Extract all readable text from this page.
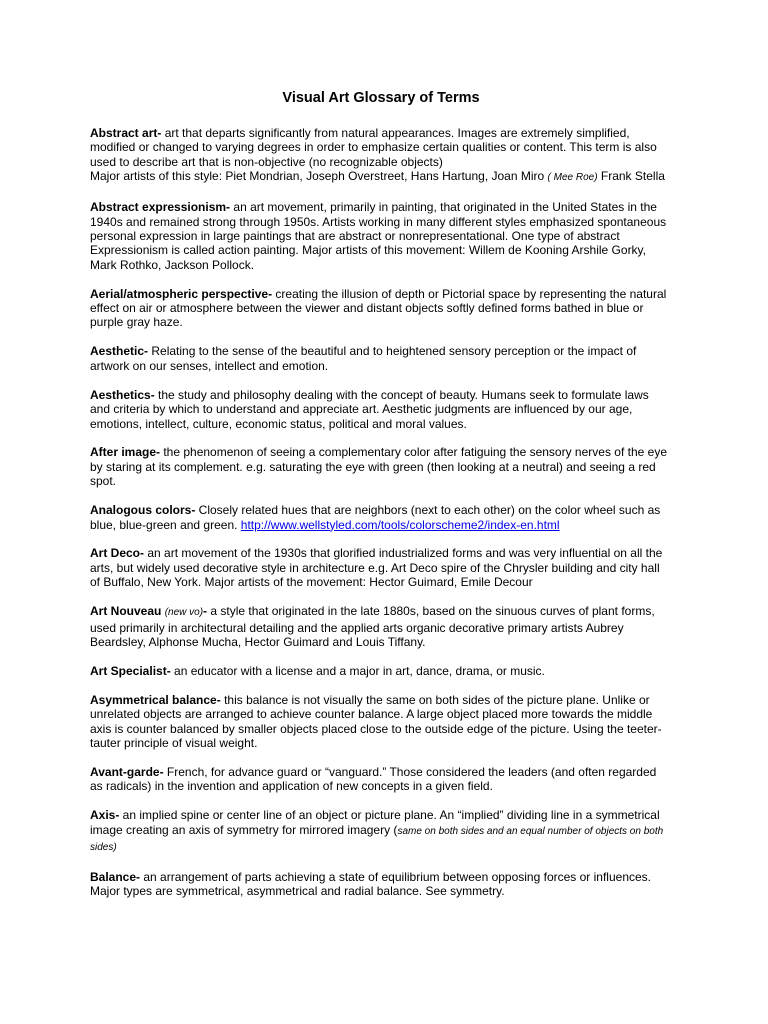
Visual Art Glossary of Terms

Abstract art- art that departs significantly from natural appearances. Images are extremely simplified, modified or changed to varying degrees in order to emphasize certain qualities or content. This term is also used to describe art that is non-objective (no recognizable objects)
Major artists of this style: Piet Mondrian, Joseph Overstreet, Hans Hartung, Joan Miro ( Mee Roe) Frank Stella

Abstract expressionism- an art movement, primarily in painting, that originated in the United States in the 1940s and remained strong through 1950s. Artists working in many different styles emphasized spontaneous personal expression in large paintings that are abstract or nonrepresentational. One type of abstract Expressionism is called action painting. Major artists of this movement: Willem de Kooning Arshile Gorky, Mark Rothko, Jackson Pollock.

Aerial/atmospheric perspective- creating the illusion of depth or Pictorial space by representing the natural effect on air or atmosphere between the viewer and distant objects softly defined forms bathed in blue or purple gray haze.

Aesthetic- Relating to the sense of the beautiful and to heightened sensory perception or the impact of artwork on our senses, intellect and emotion.

Aesthetics- the study and philosophy dealing with the concept of beauty. Humans seek to formulate laws and criteria by which to understand and appreciate art. Aesthetic judgments are influenced by our age, emotions, intellect, culture, economic status, political and moral values.

After image- the phenomenon of seeing a complementary color after fatiguing the sensory nerves of the eye by staring at its complement. e.g. saturating the eye with green (then looking at a neutral) and seeing a red spot.

Analogous colors- Closely related hues that are neighbors (next to each other) on the color wheel such as blue, blue-green and green. http://www.wellstyled.com/tools/colorscheme2/index-en.html

Art Deco- an art movement of the 1930s that glorified industrialized forms and was very influential on all the arts, but widely used decorative style in architecture e.g. Art Deco spire of the Chrysler building and city hall of Buffalo, New York. Major artists of the movement: Hector Guimard, Emile Decour

Art Nouveau (new vo)- a style that originated in the late 1880s, based on the sinuous curves of plant forms, used primarily in architectural detailing and the applied arts organic decorative primary artists Aubrey Beardsley, Alphonse Mucha, Hector Guimard and Louis Tiffany.

Art Specialist- an educator with a license and a major in art, dance, drama, or music.

Asymmetrical balance- this balance is not visually the same on both sides of the picture plane. Unlike or unrelated objects are arranged to achieve counter balance. A large object placed more towards the middle axis is counter balanced by smaller objects placed close to the outside edge of the picture. Using the teeter-tauter principle of visual weight.

Avant-garde- French, for advance guard or “vanguard.” Those considered the leaders (and often regarded as radicals) in the invention and application of new concepts in a given field.

Axis- an implied spine or center line of an object or picture plane. An “implied” dividing line in a symmetrical image creating an axis of symmetry for mirrored imagery (same on both sides and an equal number of objects on both sides)

Balance- an arrangement of parts achieving a state of equilibrium between opposing forces or influences. Major types are symmetrical, asymmetrical and radial balance. See symmetry.
